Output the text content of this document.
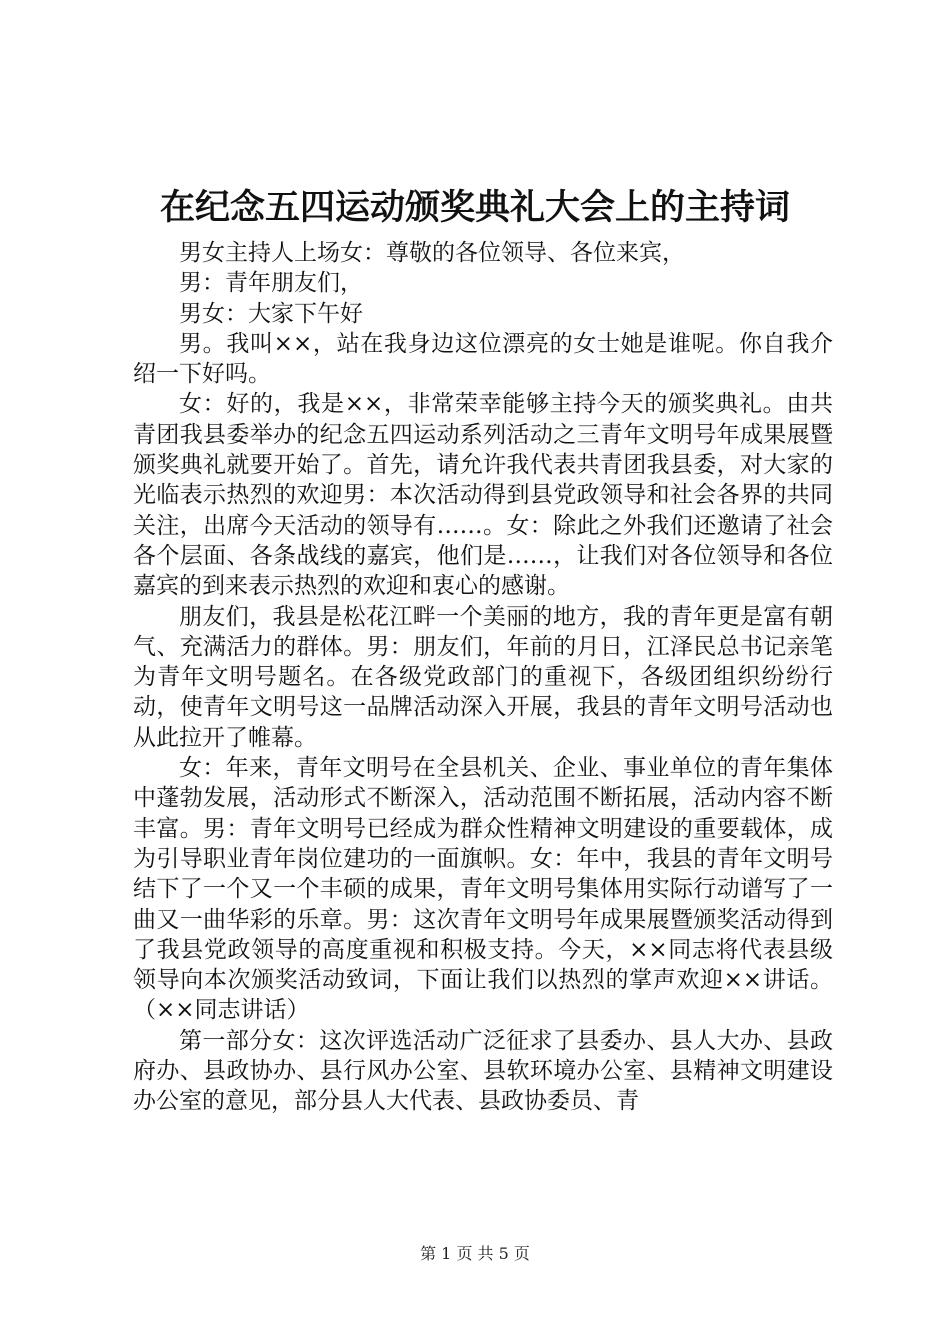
在纪念五四运动颁奖典礼大会上的主持词

男女主持人上场女：尊敬的各位领导、各位来宾，

男：青年朋友们，

男女：大家下午好

男。我叫××，站在我身边这位漂亮的女士她是谁呢。你自我介绍一下好吗。

女：好的，我是××，非常荣幸能够主持今天的颁奖典礼。由共青团我县委举办的纪念五四运动系列活动之三青年文明号年成果展暨颁奖典礼就要开始了。首先，请允许我代表共青团我县委，对大家的光临表示热烈的欢迎男：本次活动得到县党政领导和社会各界的共同关注，出席今天活动的领导有……。女：除此之外我们还邀请了社会各个层面、各条战线的嘉宾，他们是……，让我们对各位领导和各位嘉宾的到来表示热烈的欢迎和衷心的感谢。

朋友们，我县是松花江畔一个美丽的地方，我的青年更是富有朝气、充满活力的群体。男：朋友们，年前的月日，江泽民总书记亲笔为青年文明号题名。在各级党政部门的重视下，各级团组织纷纷行动，使青年文明号这一品牌活动深入开展，我县的青年文明号活动也从此拉开了帷幕。

女：年来，青年文明号在全县机关、企业、事业单位的青年集体中蓬勃发展，活动形式不断深入，活动范围不断拓展，活动内容不断丰富。男：青年文明号已经成为群众性精神文明建设的重要载体，成为引导职业青年岗位建功的一面旗帜。女：年中，我县的青年文明号结下了一个又一个丰硕的成果，青年文明号集体用实际行动谱写了一曲又一曲华彩的乐章。男：这次青年文明号年成果展暨颁奖活动得到了我县党政领导的高度重视和积极支持。今天，××同志将代表县级领导向本次颁奖活动致词，下面让我们以热烈的掌声欢迎××讲话。（××同志讲话）

第一部分女：这次评选活动广泛征求了县委办、县人大办、县政府办、县政协办、县行风办公室、县软环境办公室、县精神文明建设办公室的意见，部分县人大代表、县政协委员、青

第 1 页 共 5 页
